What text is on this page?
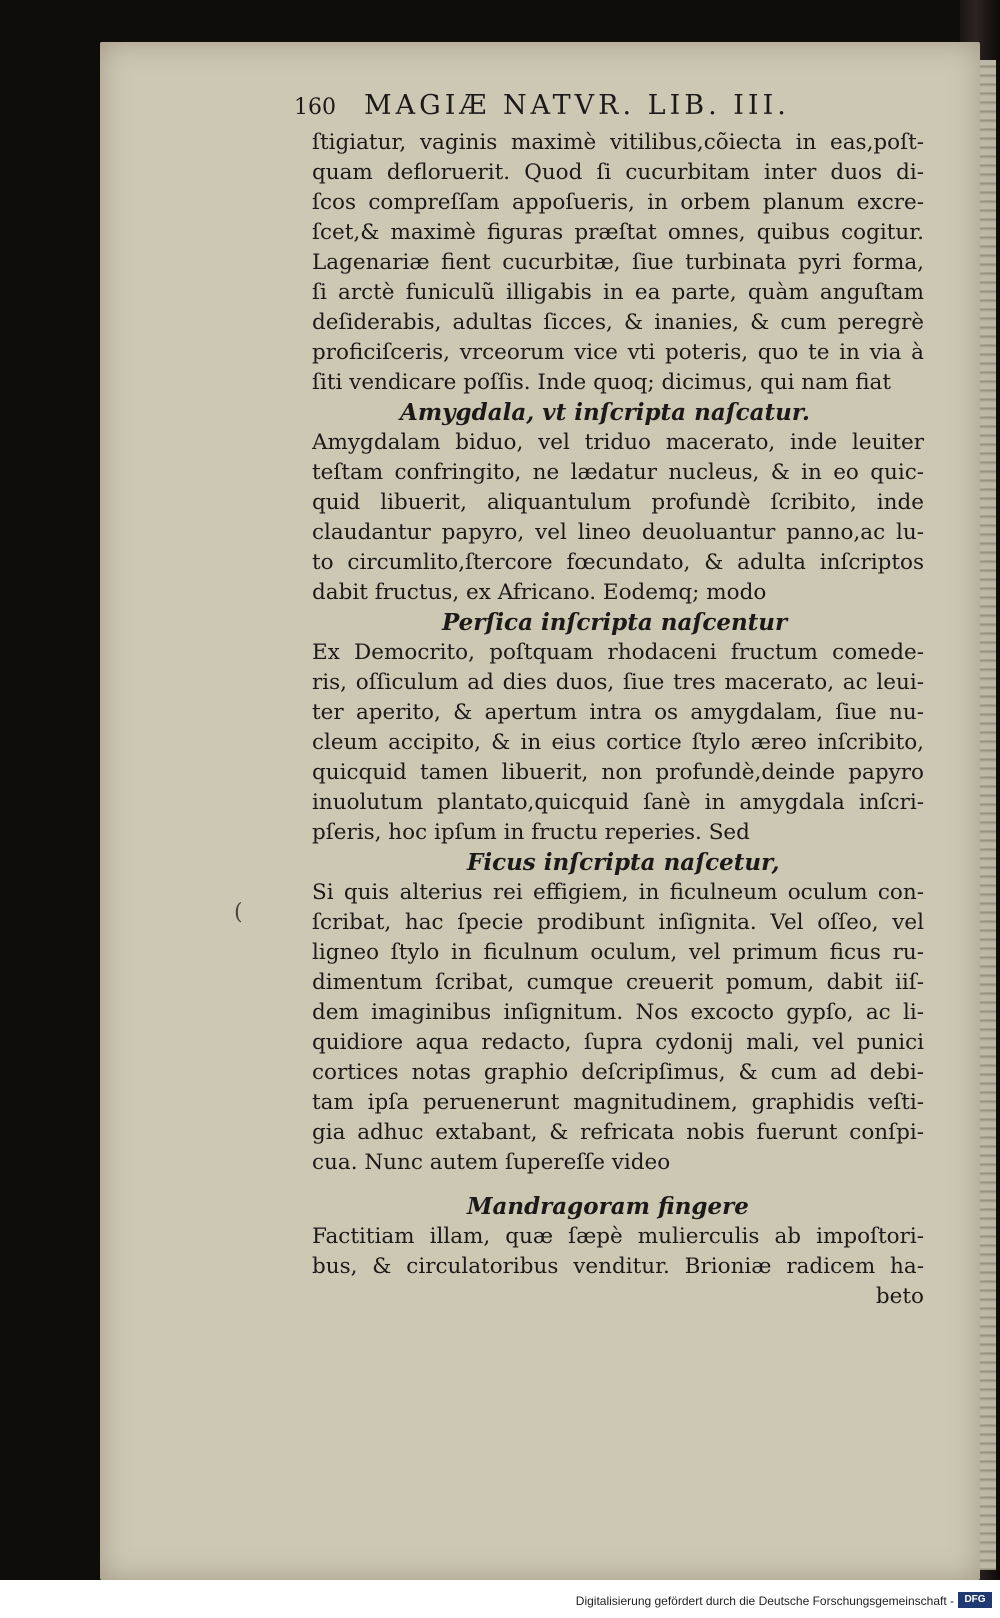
(
160 MAGIÆ NATVR. LIB. III.
ſtigiatur, vaginis maximè vitilibus,cõiecta in eas,poſt-
quam defloruerit. Quod ſi cucurbitam inter duos di-
ſcos compreſſam appoſueris, in orbem planum excre-
ſcet,& maximè figuras præſtat omnes, quibus cogitur.
Lagenariæ fient cucurbitæ, ſiue turbinata pyri forma,
ſi arctè funiculũ illigabis in ea parte, quàm anguſtam
deſiderabis, adultas ſicces, & inanies, & cum peregrè
proficiſceris, vrceorum vice vti poteris, quo te in via à
ſiti vendicare poſſis. Inde quoq; dicimus, qui nam fiat
Amygdala, vt inſcripta naſcatur.
Amygdalam biduo, vel triduo macerato, inde leuiter
teſtam confringito, ne lædatur nucleus, & in eo quic-
quid libuerit, aliquantulum profundè ſcribito, inde
claudantur papyro, vel lineo deuoluantur panno,ac lu-
to circumlito,ſtercore fœcundato, & adulta inſcriptos
dabit fructus, ex Africano. Eodemq; modo
Perſica inſcripta naſcentur
Ex Democrito, poſtquam rhodaceni fructum comede-
ris, oſſiculum ad dies duos, ſiue tres macerato, ac leui-
ter aperito, & apertum intra os amygdalam, ſiue nu-
cleum accipito, & in eius cortice ſtylo æreo inſcribito,
quicquid tamen libuerit, non profundè,deinde papyro
inuolutum plantato,quicquid ſanè in amygdala inſcri-
pſeris, hoc ipſum in fructu reperies. Sed
Ficus inſcripta naſcetur,
Si quis alterius rei effigiem, in ficulneum oculum con-
ſcribat, hac ſpecie prodibunt inſignita. Vel oſſeo, vel
ligneo ſtylo in ficulnum oculum, vel primum ficus ru-
dimentum ſcribat, cumque creuerit pomum, dabit iiſ-
dem imaginibus inſignitum. Nos excocto gypſo, ac li-
quidiore aqua redacto, ſupra cydonij mali, vel punici
cortices notas graphio deſcripſimus, & cum ad debi-
tam ipſa peruenerunt magnitudinem, graphidis veſti-
gia adhuc extabant, & refricata nobis fuerunt conſpi-
cua. Nunc autem ſupereſſe video
Mandragoram fingere
Factitiam illam, quæ ſæpè mulierculis ab impoſtori-
bus, & circulatoribus venditur. Brioniæ radicem ha-
beto
Digitalisierung gefördert durch die Deutsche Forschungsgemeinschaft -	DFG
